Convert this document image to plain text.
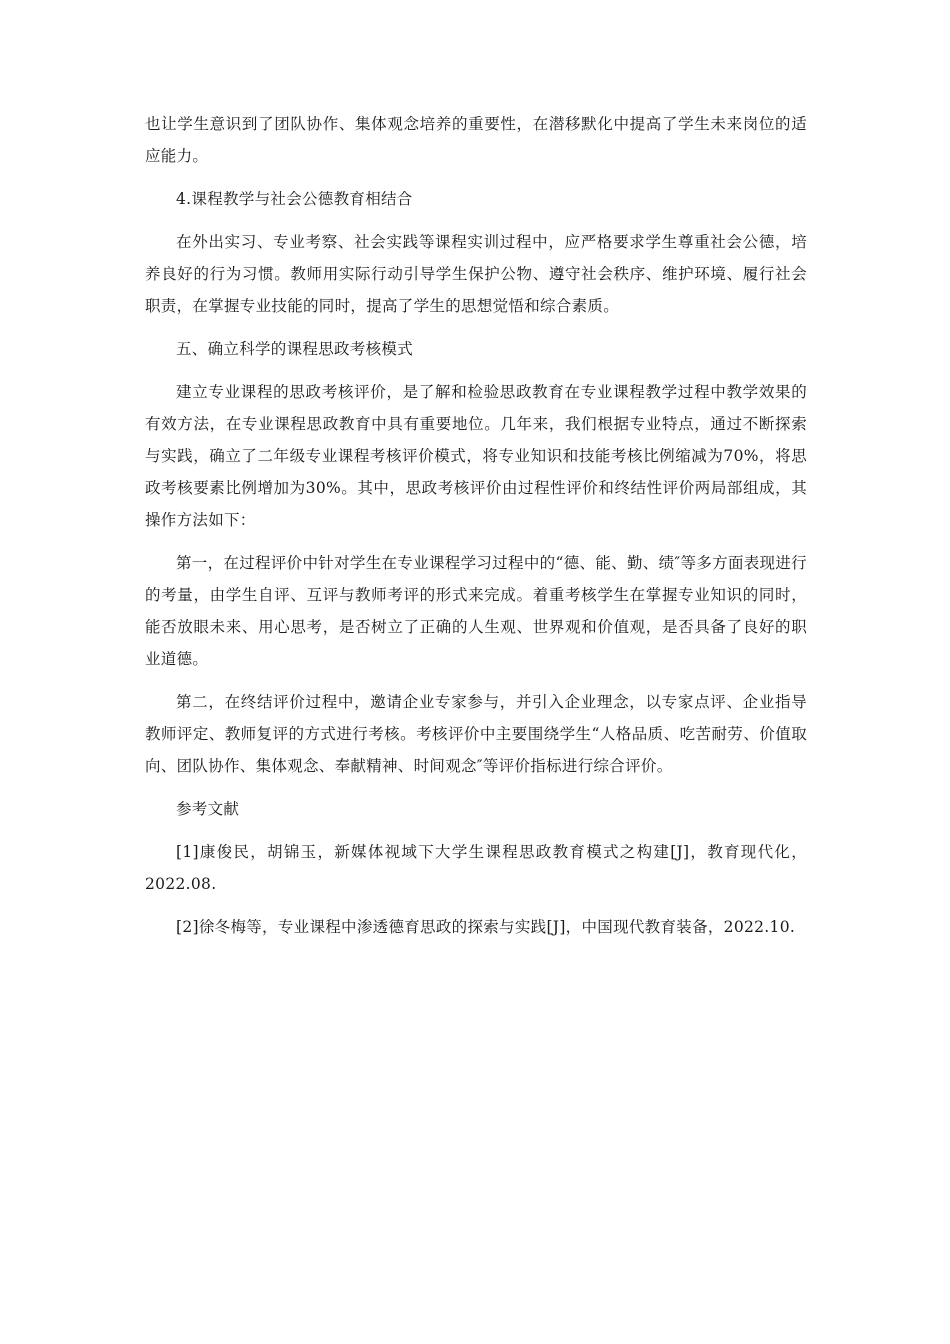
也让学生意识到了团队协作、集体观念培养的重要性，在潜移默化中提高了学生未来岗位的适应能力。

4.课程教学与社会公德教育相结合

在外出实习、专业考察、社会实践等课程实训过程中，应严格要求学生尊重社会公德，培养良好的行为习惯。教师用实际行动引导学生保护公物、遵守社会秩序、维护环境、履行社会职责，在掌握专业技能的同时，提高了学生的思想觉悟和综合素质。

五、确立科学的课程思政考核模式

建立专业课程的思政考核评价，是了解和检验思政教育在专业课程教学过程中教学效果的有效方法，在专业课程思政教育中具有重要地位。几年来，我们根据专业特点，通过不断探索与实践，确立了二年级专业课程考核评价模式，将专业知识和技能考核比例缩减为70%，将思政考核要素比例增加为30%。其中，思政考核评价由过程性评价和终结性评价两局部组成，其操作方法如下：

第一，在过程评价中针对学生在专业课程学习过程中的“德、能、勤、绩″等多方面表现进行的考量，由学生自评、互评与教师考评的形式来完成。着重考核学生在掌握专业知识的同时，能否放眼未来、用心思考，是否树立了正确的人生观、世界观和价值观，是否具备了良好的职业道德。

第二，在终结评价过程中，邀请企业专家参与，并引入企业理念，以专家点评、企业指导教师评定、教师复评的方式进行考核。考核评价中主要围绕学生“人格品质、吃苦耐劳、价值取向、团队协作、集体观念、奉献精神、时间观念″等评价指标进行综合评价。

参考文献

[1]康俊民，胡锦玉，新媒体视域下大学生课程思政教育模式之构建[J]，教育现代化，2022.08.

[2]徐冬梅等，专业课程中渗透德育思政的探索与实践[J]，中国现代教育装备，2022.10.
